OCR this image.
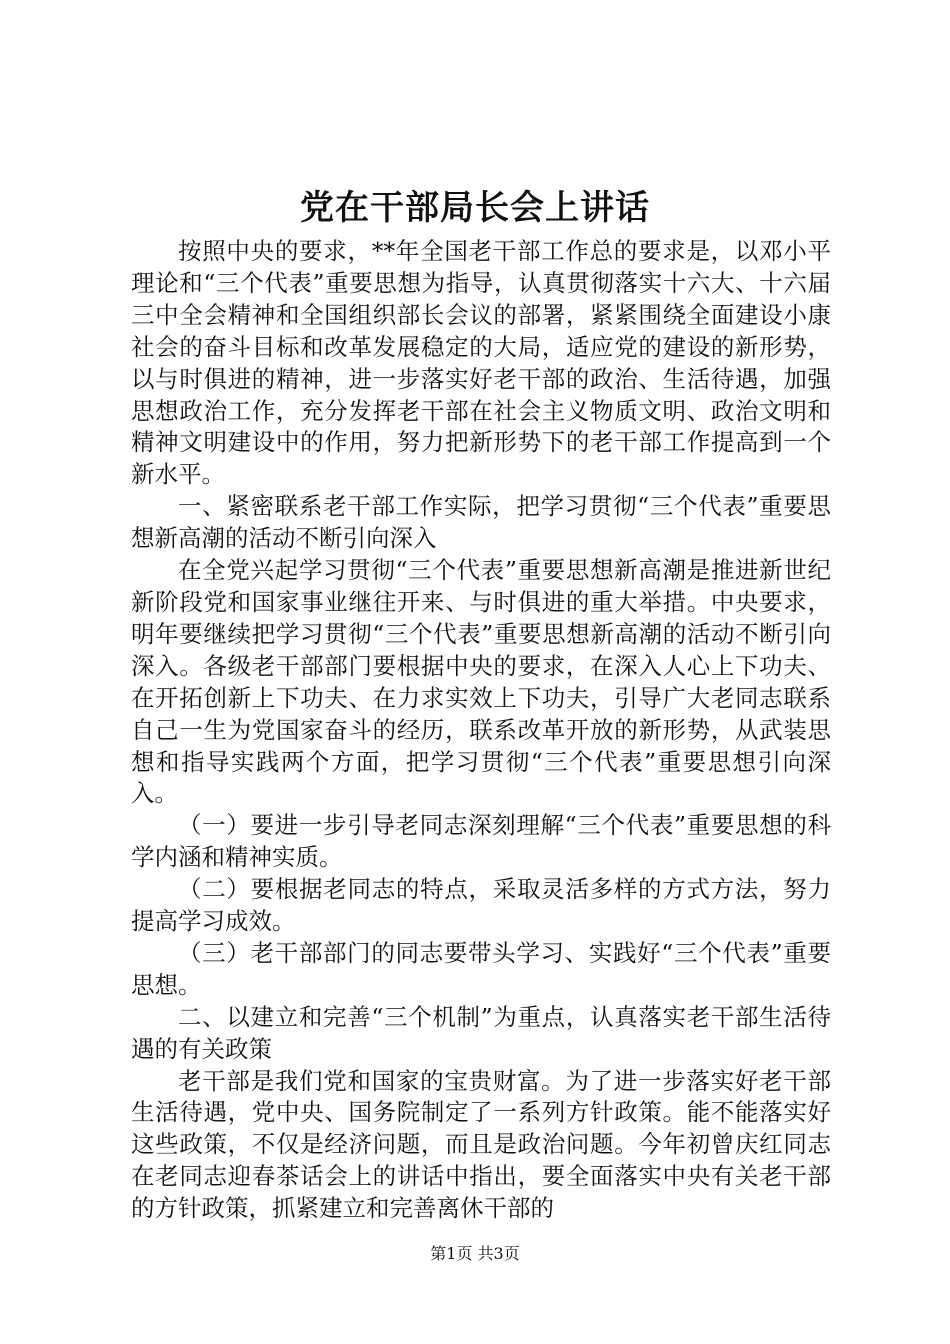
党在干部局长会上讲话

按照中央的要求，**年全国老干部工作总的要求是，以邓小平理论和“三个代表”重要思想为指导，认真贯彻落实十六大、十六届三中全会精神和全国组织部长会议的部署，紧紧围绕全面建设小康社会的奋斗目标和改革发展稳定的大局，适应党的建设的新形势，以与时俱进的精神，进一步落实好老干部的政治、生活待遇，加强思想政治工作，充分发挥老干部在社会主义物质文明、政治文明和精神文明建设中的作用，努力把新形势下的老干部工作提高到一个新水平。

一、紧密联系老干部工作实际，把学习贯彻“三个代表”重要思想新高潮的活动不断引向深入

在全党兴起学习贯彻“三个代表”重要思想新高潮是推进新世纪新阶段党和国家事业继往开来、与时俱进的重大举措。中央要求，明年要继续把学习贯彻“三个代表”重要思想新高潮的活动不断引向深入。各级老干部部门要根据中央的要求，在深入人心上下功夫、在开拓创新上下功夫、在力求实效上下功夫，引导广大老同志联系自己一生为党国家奋斗的经历，联系改革开放的新形势，从武装思想和指导实践两个方面，把学习贯彻“三个代表”重要思想引向深入。

（一）要进一步引导老同志深刻理解“三个代表”重要思想的科学内涵和精神实质。

（二）要根据老同志的特点，采取灵活多样的方式方法，努力提高学习成效。

（三）老干部部门的同志要带头学习、实践好“三个代表”重要思想。

二、以建立和完善“三个机制”为重点，认真落实老干部生活待遇的有关政策

老干部是我们党和国家的宝贵财富。为了进一步落实好老干部生活待遇，党中央、国务院制定了一系列方针政策。能不能落实好这些政策，不仅是经济问题，而且是政治问题。今年初曾庆红同志在老同志迎春茶话会上的讲话中指出，要全面落实中央有关老干部的方针政策，抓紧建立和完善离休干部的

第1页 共3页
